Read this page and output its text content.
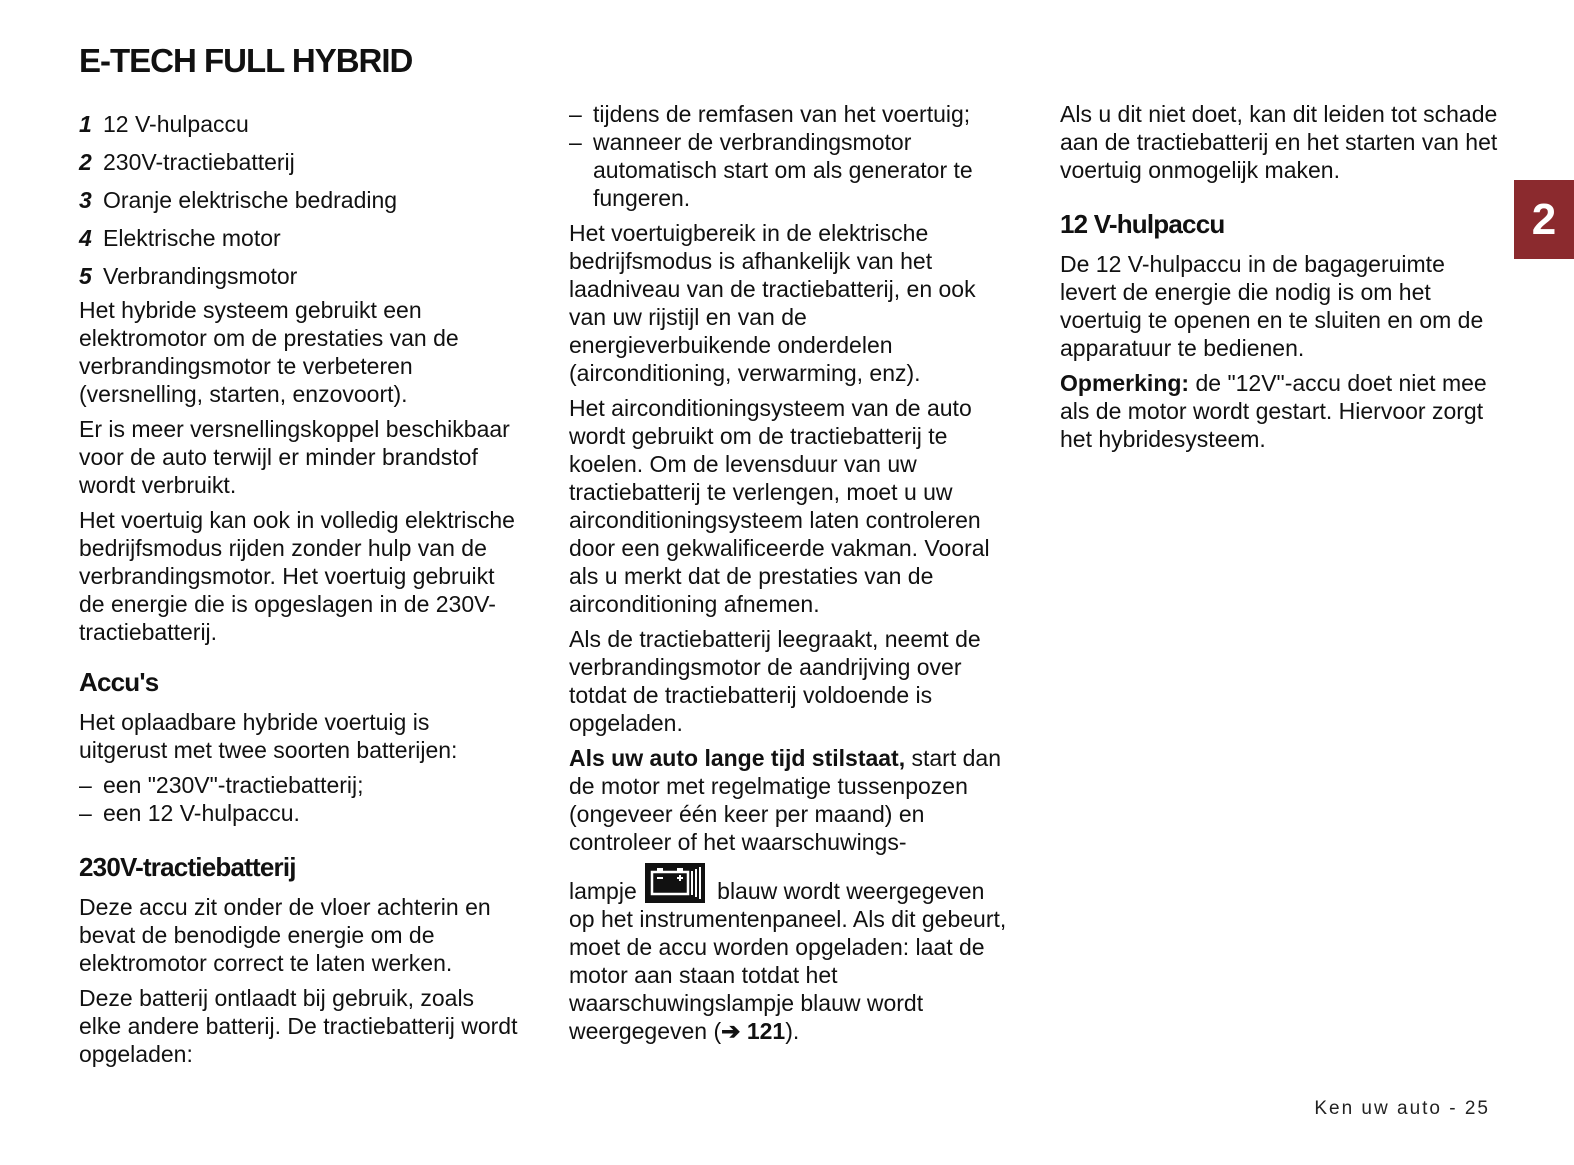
E-TECH FULL HYBRID
1 12 V-hulpaccu
2 230V-tractiebatterij
3 Oranje elektrische bedrading
4 Elektrische motor
5 Verbrandingsmotor

Het hybride systeem gebruikt een elektromotor om de prestaties van de verbrandingsmotor te verbeteren (versnelling, starten, enzovoort).

Er is meer versnellingskoppel beschikbaar voor de auto terwijl er minder brandstof wordt verbruikt.

Het voertuig kan ook in volledig elektrische bedrijfsmodus rijden zonder hulp van de verbrandingsmotor. Het voertuig gebruikt de energie die is opgeslagen in de 230V-tractiebatterij.

Accu's

Het oplaadbare hybride voertuig is uitgerust met twee soorten batterijen:

– een "230V"-tractiebatterij;
– een 12 V-hulpaccu.
230V-tractiebatterij

Deze accu zit onder de vloer achterin en bevat de benodigde energie om de elektromotor correct te laten werken.

Deze batterij ontlaadt bij gebruik, zoals elke andere batterij. De tractiebatterij wordt opgeladen:

– tijdens de remfasen van het voertuig;
– wanneer de verbrandingsmotor automatisch start om als generator te fungeren.

Het voertuigbereik in de elektrische bedrijfsmodus is afhankelijk van het laadniveau van de tractiebatterij, en ook van uw rijstijl en van de energieverbuikende onderdelen (airconditioning, verwarming, enz).

Het airconditioningsysteem van de auto wordt gebruikt om de tractiebatterij te koelen. Om de levensduur van uw tractiebatterij te verlengen, moet u uw airconditioningsysteem laten controleren door een gekwalificeerde vakman. Vooral als u merkt dat de prestaties van de airconditioning afnemen.

Als de tractiebatterij leegraakt, neemt de verbrandingsmotor de aandrijving over totdat de tractiebatterij voldoende is opgeladen.

Als uw auto lange tijd stilstaat, start dan de motor met regelmatige tussenpozen (ongeveer één keer per maand) en controleer of het waarschuwings-

lampje	blauw wordt weergegeven op het instrumentenpaneel. Als dit gebeurt, moet de accu worden opgeladen: laat de motor aan staan totdat het waarschuwingslampje blauw wordt weergegeven (➔ 121).

Als u dit niet doet, kan dit leiden tot schade aan de tractiebatterij en het starten van het voertuig onmogelijk maken.

12 V-hulpaccu

De 12 V-hulpaccu in de bagageruimte levert de energie die nodig is om het voertuig te openen en te sluiten en om de apparatuur te bedienen.

Opmerking: de "12V"-accu doet niet mee als de motor wordt gestart. Hiervoor zorgt het hybridesysteem.

2
Ken uw auto - 25
